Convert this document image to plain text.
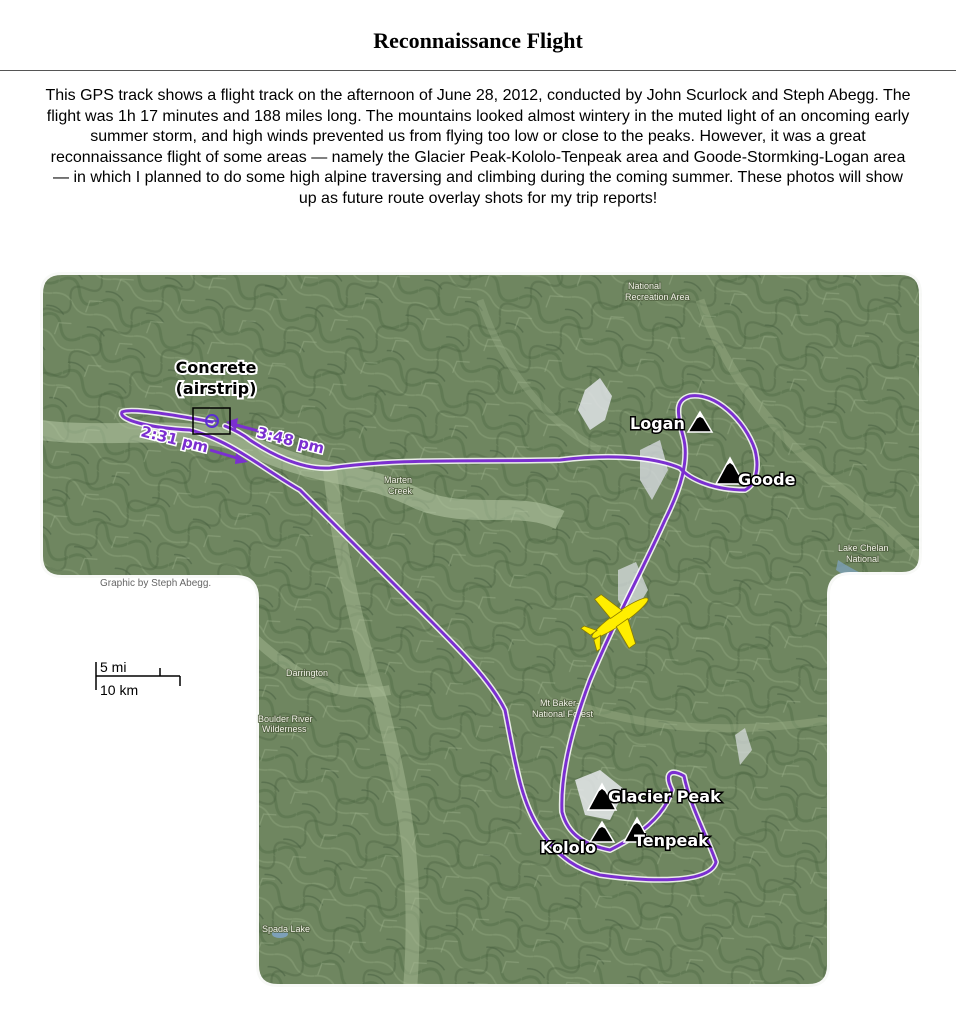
Reconnaissance Flight

This GPS track shows a flight track on the afternoon of June 28, 2012, conducted by John Scurlock and Steph Abegg. The flight was 1h 17 minutes and 188 miles long. The mountains looked almost wintery in the muted light of an oncoming early summer storm, and high winds prevented us from flying too low or close to the peaks. However, it was a great reconnaissance flight of some areas — namely the Glacier Peak-Kololo-Tenpeak area and Goode-Stormking-Logan area — in which I planned to do some high alpine traversing and climbing during the coming summer. These photos will show up as future route overlay shots for my trip reports!

National
Recreation Area
Marten
Creek
Lake Chelan
National
Darrington
Mt Baker-
National Forest
Boulder River
Wilderness
Spada Lake
2:31 pm	3:48 pm
Concrete
(airstrip)
Logan
Goode
Glacier Peak
Kololo Tenpeak
Graphic by Steph Abegg.
5 mi
10 km
